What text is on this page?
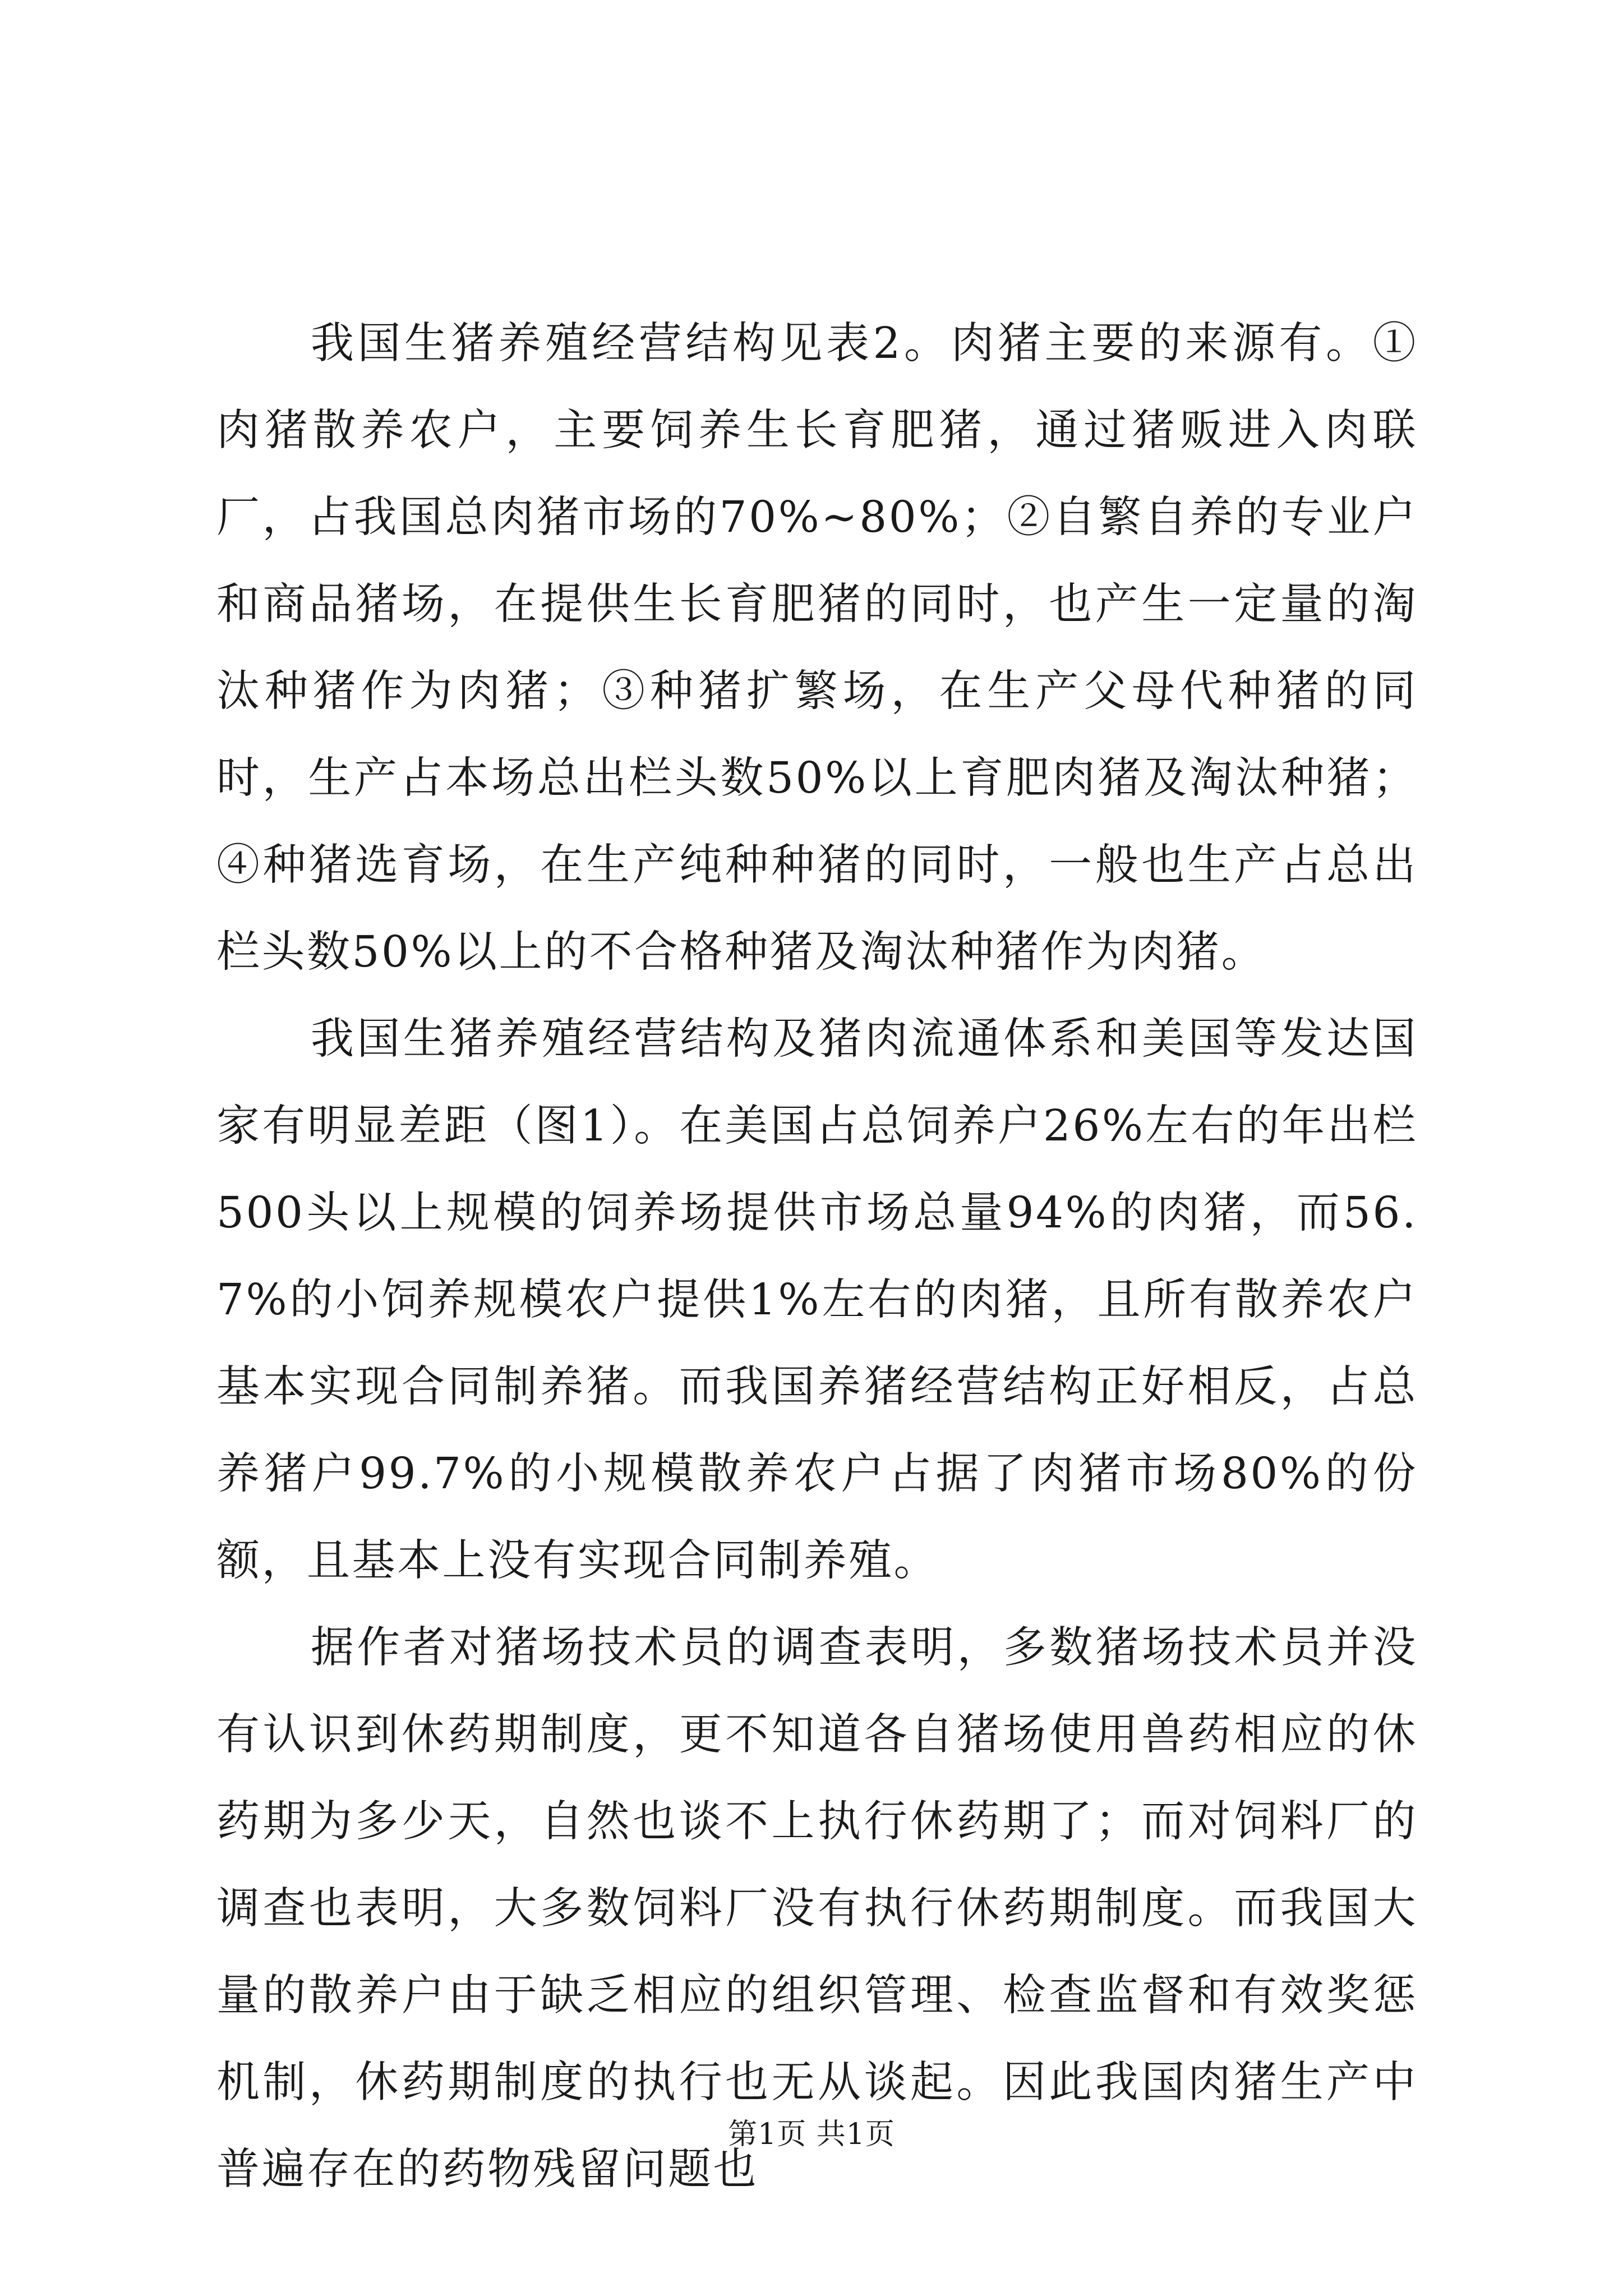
我国生猪养殖经营结构见表2。肉猪主要的来源有。①肉猪散养农户，主要饲养生长育肥猪，通过猪贩进入肉联厂，占我国总肉猪市场的70%~80%；②自繁自养的专业户和商品猪场，在提供生长育肥猪的同时，也产生一定量的淘汰种猪作为肉猪；③种猪扩繁场，在生产父母代种猪的同时，生产占本场总出栏头数50%以上育肥肉猪及淘汰种猪；④种猪选育场，在生产纯种种猪的同时，一般也生产占总出栏头数50%以上的不合格种猪及淘汰种猪作为肉猪。

我国生猪养殖经营结构及猪肉流通体系和美国等发达国家有明显差距（图1）。在美国占总饲养户26%左右的年出栏500头以上规模的饲养场提供市场总量94%的肉猪，而56.7%的小饲养规模农户提供1%左右的肉猪，且所有散养农户基本实现合同制养猪。而我国养猪经营结构正好相反，占总养猪户99.7%的小规模散养农户占据了肉猪市场80%的份额，且基本上没有实现合同制养殖。

据作者对猪场技术员的调查表明，多数猪场技术员并没有认识到休药期制度，更不知道各自猪场使用兽药相应的休药期为多少天，自然也谈不上执行休药期了；而对饲料厂的调查也表明，大多数饲料厂没有执行休药期制度。而我国大量的散养户由于缺乏相应的组织管理、检查监督和有效奖惩机制，休药期制度的执行也无从谈起。因此我国肉猪生产中普遍存在的药物残留问题也

第1页 共1页
